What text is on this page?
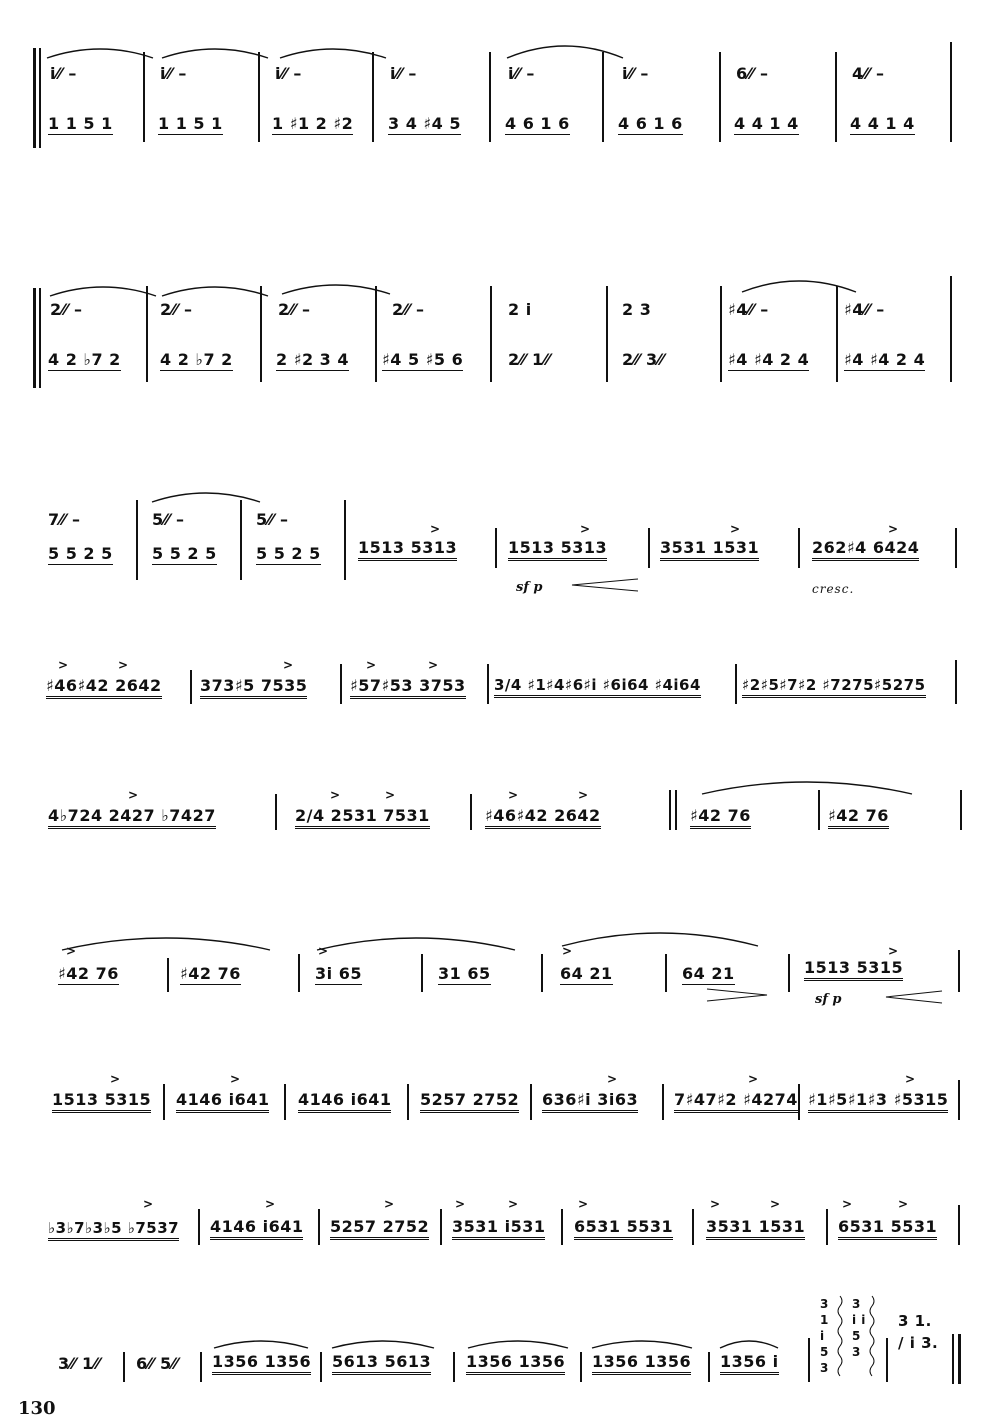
i⁄⁄ –	i⁄⁄ –	i⁄⁄ –	i⁄⁄ –	i⁄⁄ –	i⁄⁄ –	6⁄⁄ –	4⁄⁄ –
1 1 5 1	1 1 5 1	1 ♯1 2 ♯2 3 4 ♯4 5	4 6 1 6	4 6 1 6	4 4 1 4	4 4 1 4
2⁄⁄ –	2⁄⁄ –	2⁄⁄ –	2⁄⁄ –	2 i	2 3	♯4⁄⁄ –	♯4⁄⁄ –
4 2 ♭7 2 4 2 ♭7 2	2 ♯2 3 4 ♯4 5 ♯5 6	2⁄⁄ 1⁄⁄	2⁄⁄ 3⁄⁄	♯4 ♯4 2 4 ♯4 ♯4 2 4
7⁄⁄ –	5⁄⁄ –	5⁄⁄ –
5 5 2 5 5 5 2 5 5 5 2 5
>	>	>	>
1513 5313	1513 5313	3531 1531	262♯4 6424
sf p	cresc.
>	>	>	>	>
♯46♯42 2642 373♯5 7535	♯57♯53 3753 3/4 ♯1♯4♯6♯i ♯6i64 ♯4i64	♯2♯5♯7♯2 ♯7275♯5275
>	>	>	>	>
4♭724 2427 ♭7427	2/4 2531 7531	♯46♯42 2642	♯42 76	♯42 76
>	>	>	>
♯42 76	♯42 76	3i 65	31 65	64 21	64 21	1513 5315
sf p
>	>	>	>	>
1513 5315 4146 i641 4146 i641 5257 2752 636♯i 3i63 7♯47♯2 ♯4274 ♯1♯5♯1♯3 ♯5315
>	>	>	>	>	>	>	>	>	>
♭3♭7♭3♭5 ♭7537 4146 i641 5257 2752 3531 i531 6531 5531 3531 1531 6531 5531
3⁄⁄ 1⁄⁄ 6⁄⁄ 5⁄⁄ 1356 1356 5613 5613 1356 1356 1356 1356 1356 i
3 1 i 5 3
3 i i 5 3
3 1. / i 3.
130
